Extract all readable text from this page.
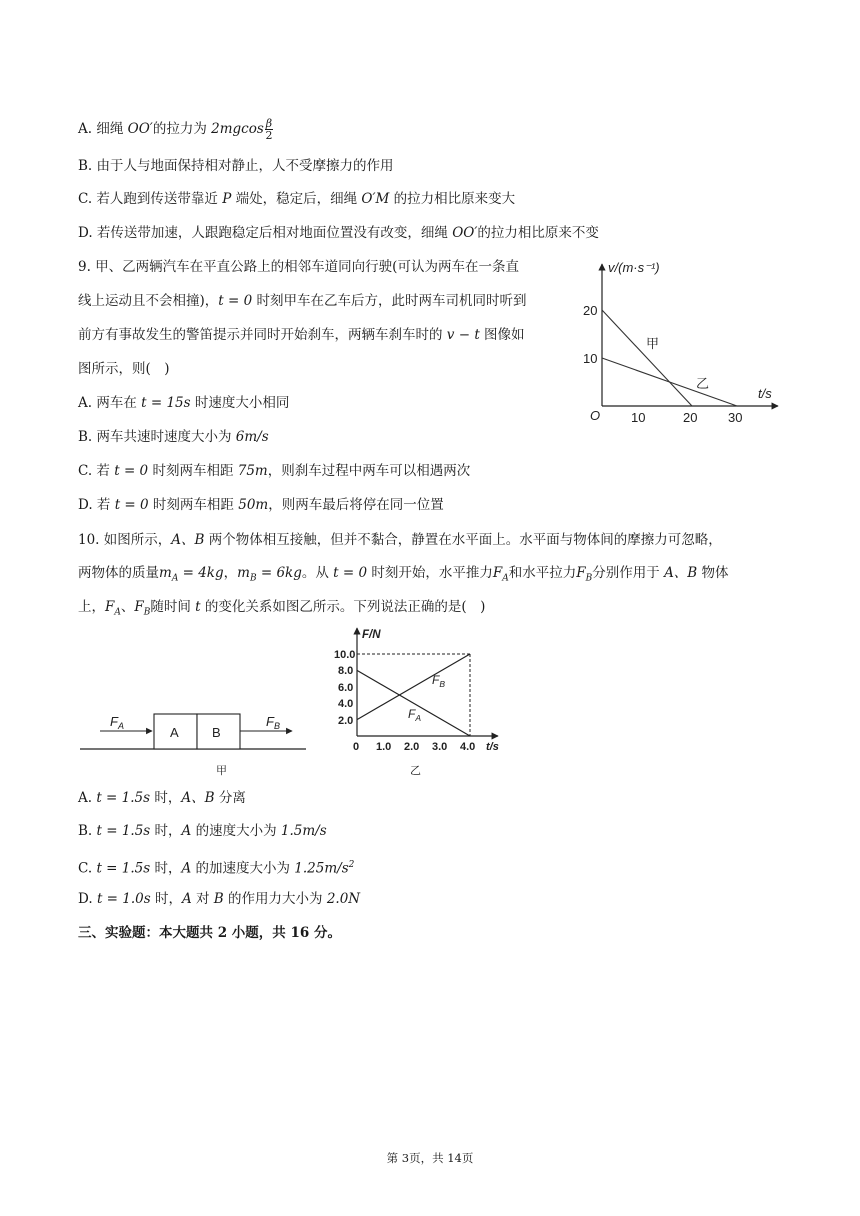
A. 细绳 OO′的拉力为 $2mgcos \frac{\beta}{2}$
B. 由于人与地面保持相对静止，人不受摩擦力的作用
C. 若人跑到传送带靠近 P 端处，稳定后，细绳 O′M 的拉力相比原来变大
D. 若传送带加速，人跟跑稳定后相对地面位置没有改变，细绳 OO′的拉力相比原来不变
9. 甲、乙两辆汽车在平直公路上的相邻车道同向行驶(可认为两车在一条直
线上运动且不会相撞)，t = 0 时刻甲车在乙车后方，此时两车司机同时听到
前方有事故发生的警笛提示并同时开始刹车，两辆车刹车时的 v − t 图像如
图所示，则(　)
A. 两车在 t = 15s 时速度大小相同
B. 两车共速时速度大小为 6m/s
C. 若 t = 0 时刻两车相距 75m，则刹车过程中两车可以相遇两次
D. 若 t = 0 时刻两车相距 50m，则两车最后将停在同一位置
v/(m·s⁻¹)
t/s
O
20
10
10	20 30
甲
乙
10. 如图所示，A、B 两个物体相互接触，但并不黏合，静置在水平面上。水平面与物体间的摩擦力可忽略，
两物体的质量$m_A = 4kg$，$m_B = 6kg$。从 t = 0 时刻开始，水平推力$F_A$和水平拉力$F_B$分别作用于 A、B 物体
上，$F_A$、$F_B$随时间 t 的变化关系如图乙所示。下列说法正确的是(　)
A	B
$F_A$	$F_B$
甲
F/N
t/s
10.0
8.0
6.0
4.0
2.0
0 1.0 2.0 3.0 4.0
$F_B$
$F_A$
乙
A. t = 1.5s 时，A、B 分离
B. t = 1.5s 时，A 的速度大小为 1.5m/s
C. t = 1.5s 时，A 的加速度大小为 $1.25m/s^2$
D. t = 1.0s 时，A 对 B 的作用力大小为 2.0N
三、实验题：本大题共 2 小题，共 16 分。
第 3页，共 14页
